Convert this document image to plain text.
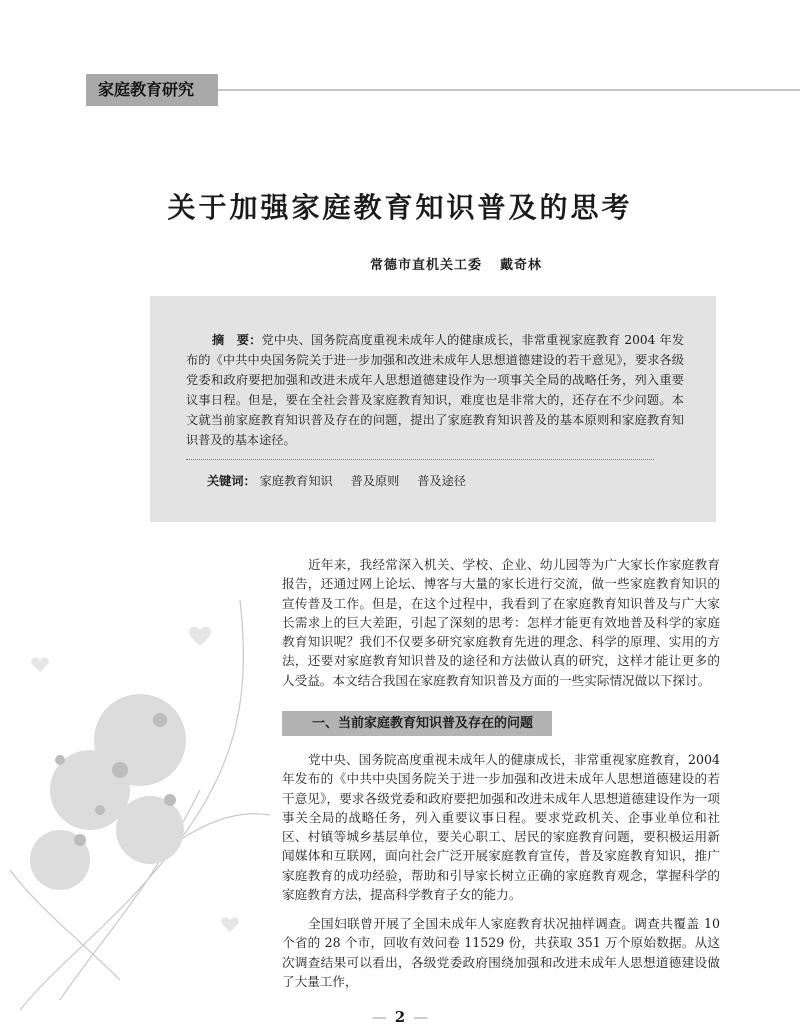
家庭教育研究
关于加强家庭教育知识普及的思考
常德市直机关工委 戴奇林
摘　要：党中央、国务院高度重视未成年人的健康成长，非常重视家庭教育 2004 年发布的《中共中央国务院关于进一步加强和改进未成年人思想道德建设的若干意见》，要求各级党委和政府要把加强和改进未成年人思想道德建设作为一项事关全局的战略任务，列入重要议事日程。但是，要在全社会普及家庭教育知识，难度也是非常大的，还存在不少问题。本文就当前家庭教育知识普及存在的问题，提出了家庭教育知识普及的基本原则和家庭教育知识普及的基本途径。
关键词： 家庭教育知识 普及原则 普及途径

近年来，我经常深入机关、学校、企业、幼儿园等为广大家长作家庭教育报告，还通过网上论坛、博客与大量的家长进行交流，做一些家庭教育知识的宣传普及工作。但是，在这个过程中，我看到了在家庭教育知识普及与广大家长需求上的巨大差距，引起了深刻的思考：怎样才能更有效地普及科学的家庭教育知识呢？我们不仅要多研究家庭教育先进的理念、科学的原理、实用的方法，还要对家庭教育知识普及的途径和方法做认真的研究，这样才能让更多的人受益。本文结合我国在家庭教育知识普及方面的一些实际情况做以下探讨。

一、当前家庭教育知识普及存在的问题

党中央、国务院高度重视未成年人的健康成长，非常重视家庭教育，2004 年发布的《中共中央国务院关于进一步加强和改进未成年人思想道德建设的若干意见》，要求各级党委和政府要把加强和改进未成年人思想道德建设作为一项事关全局的战略任务，列入重要议事日程。要求党政机关、企事业单位和社区、村镇等城乡基层单位，要关心职工、居民的家庭教育问题，要积极运用新闻媒体和互联网，面向社会广泛开展家庭教育宣传，普及家庭教育知识，推广家庭教育的成功经验，帮助和引导家长树立正确的家庭教育观念，掌握科学的家庭教育方法，提高科学教育子女的能力。

全国妇联曾开展了全国未成年人家庭教育状况抽样调查。调查共覆盖 10 个省的 28 个市，回收有效问卷 11529 份，共获取 351 万个原始数据。从这次调查结果可以看出，各级党委政府围绕加强和改进未成年人思想道德建设做了大量工作，

— 2 —
